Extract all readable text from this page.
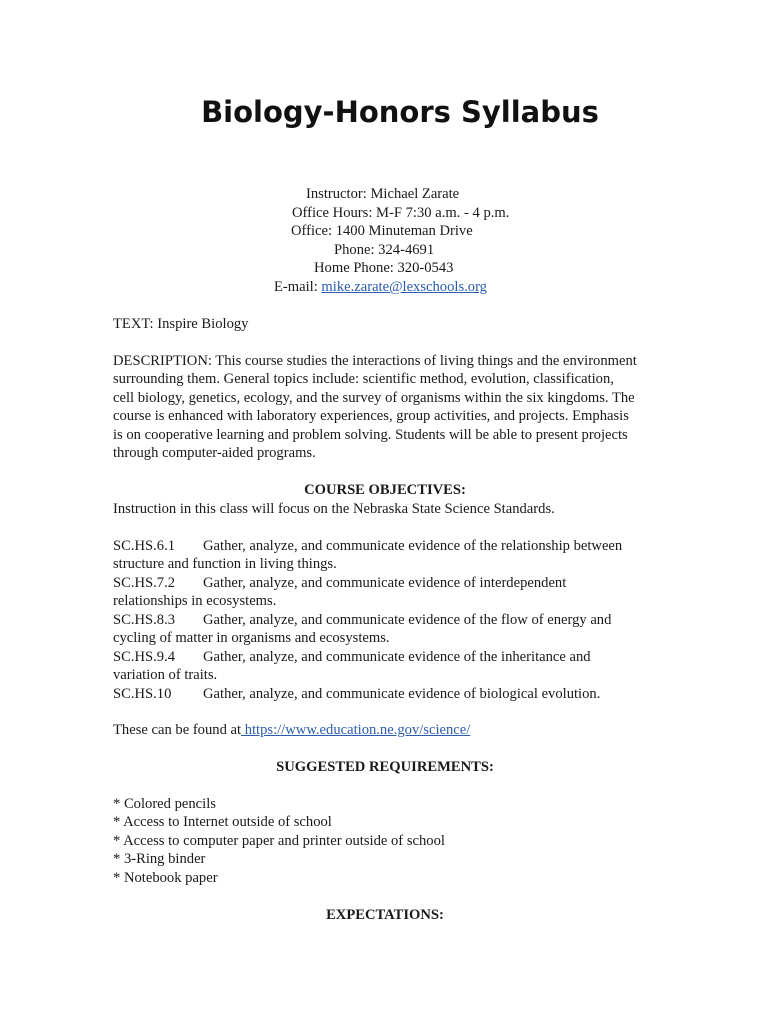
Biology-Honors Syllabus
Instructor: Michael Zarate
Office Hours: M-F 7:30 a.m. - 4 p.m.
Office: 1400 Minuteman Drive
Phone: 324-4691
Home Phone: 320-0543
E-mail: mike.zarate@lexschools.org
TEXT: Inspire Biology
DESCRIPTION: This course studies the interactions of living things and the environment
surrounding them. General topics include: scientific method, evolution, classification,
cell biology, genetics, ecology, and the survey of organisms within the six kingdoms. The
course is enhanced with laboratory experiences, group activities, and projects. Emphasis
is on cooperative learning and problem solving. Students will be able to present projects
through computer-aided programs.
COURSE OBJECTIVES:
Instruction in this class will focus on the Nebraska State Science Standards.
SC.HS.6.1 Gather, analyze, and communicate evidence of the relationship between
structure and function in living things.
SC.HS.7.2 Gather, analyze, and communicate evidence of interdependent
relationships in ecosystems.
SC.HS.8.3 Gather, analyze, and communicate evidence of the flow of energy and
cycling of matter in organisms and ecosystems.
SC.HS.9.4 Gather, analyze, and communicate evidence of the inheritance and
variation of traits.
SC.HS.10 Gather, analyze, and communicate evidence of biological evolution.
These can be found at https://www.education.ne.gov/science/
SUGGESTED REQUIREMENTS:
* Colored pencils
* Access to Internet outside of school
* Access to computer paper and printer outside of school
* 3-Ring binder
* Notebook paper
EXPECTATIONS:
